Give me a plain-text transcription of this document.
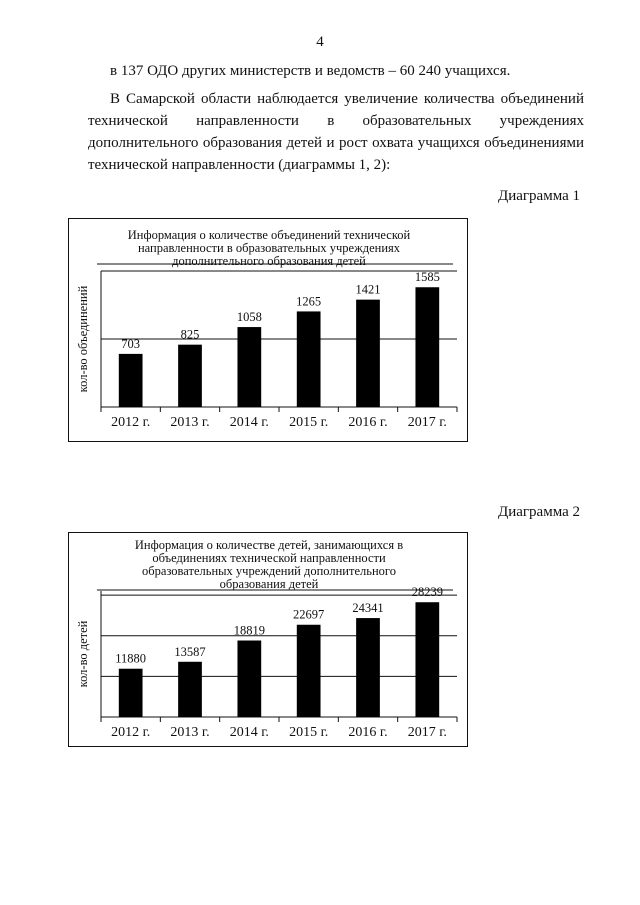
4

в 137 ОДО других министерств и ведомств – 60 240 учащихся.

В Самарской области наблюдается увеличение количества объединений технической направленности в образовательных учреждениях дополнительного образования детей и рост охвата учащихся объединениями технической направленности (диаграммы 1, 2):

Диаграмма 1
Информация о количестве объединений технической
направленности в образовательных учреждениях
дополнительного образования детей
703
2012 г.
825
2013 г.
1058
2014 г.
1265
2015 г.
1421
2016 г.
1585
2017 г.
кол-во объединений
Диаграмма 2
Информация о количестве детей, занимающихся в
объединениях технической направленности
образовательных учреждений дополнительного
образования детей
11880
2012 г.
13587
2013 г.
18819
2014 г.
22697
2015 г.
24341
2016 г.
28239
2017 г.
кол-во детей
